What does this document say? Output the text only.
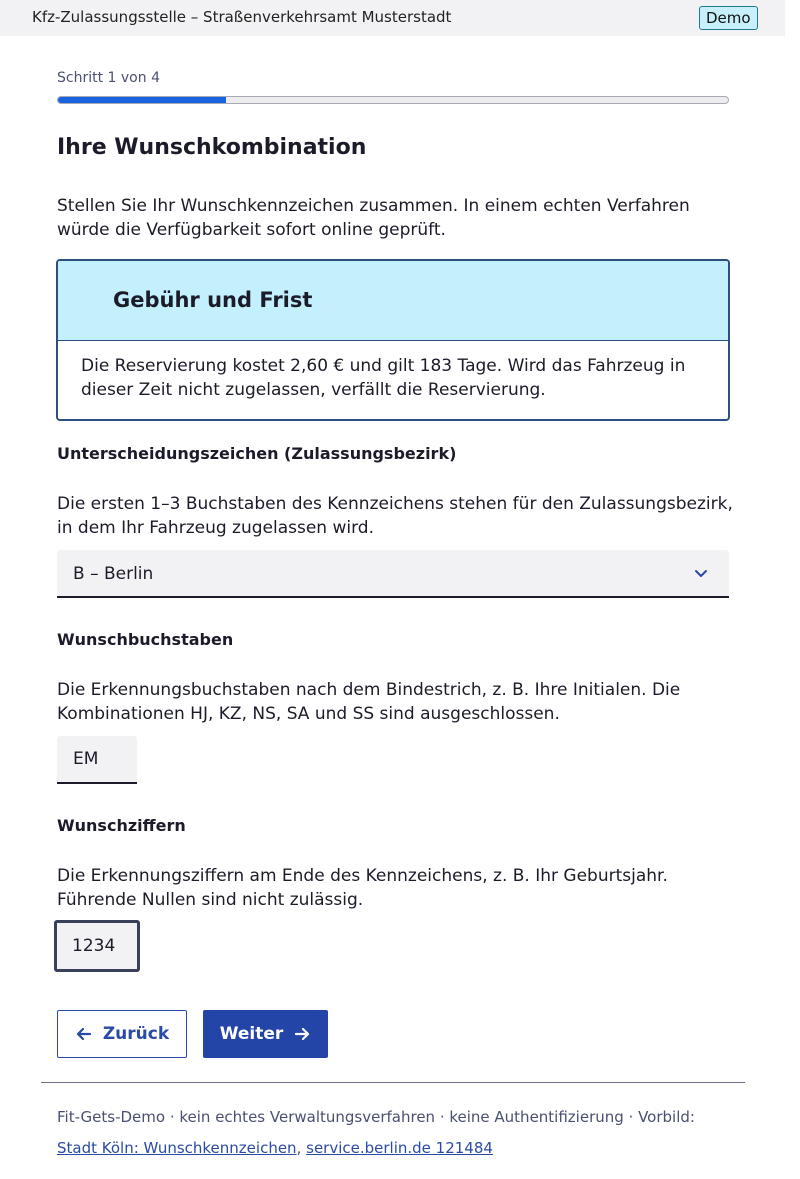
Kfz-Zulassungsstelle – Straßenverkehrsamt Musterstadt	Demo
Schritt 1 von 4
Ihre Wunschkombination

Stellen Sie Ihr Wunschkennzeichen zusammen. In einem echten Verfahren würde die Verfügbarkeit sofort online geprüft.

Gebühr und Frist

Die Reservierung kostet 2,60 € und gilt 183 Tage. Wird das Fahrzeug in dieser Zeit nicht zugelassen, verfällt die Reservierung.

Unterscheidungszeichen (Zulassungsbezirk)

Die ersten 1–3 Buchstaben des Kennzeichens stehen für den Zulassungsbezirk, in dem Ihr Fahrzeug zugelassen wird.

B – Berlin
Wunschbuchstaben

Die Erkennungsbuchstaben nach dem Bindestrich, z. B. Ihre Initialen. Die Kombinationen HJ, KZ, NS, SA und SS sind ausgeschlossen.

EM
Wunschziffern

Die Erkennungsziffern am Ende des Kennzeichens, z. B. Ihr Geburtsjahr. Führende Nullen sind nicht zulässig.

1234
Zurück	Weiter
Fit-Gets-Demo · kein echtes Verwaltungsverfahren · keine Authentifizierung · Vorbild:
Stadt Köln: Wunschkennzeichen, service.berlin.de 121484
